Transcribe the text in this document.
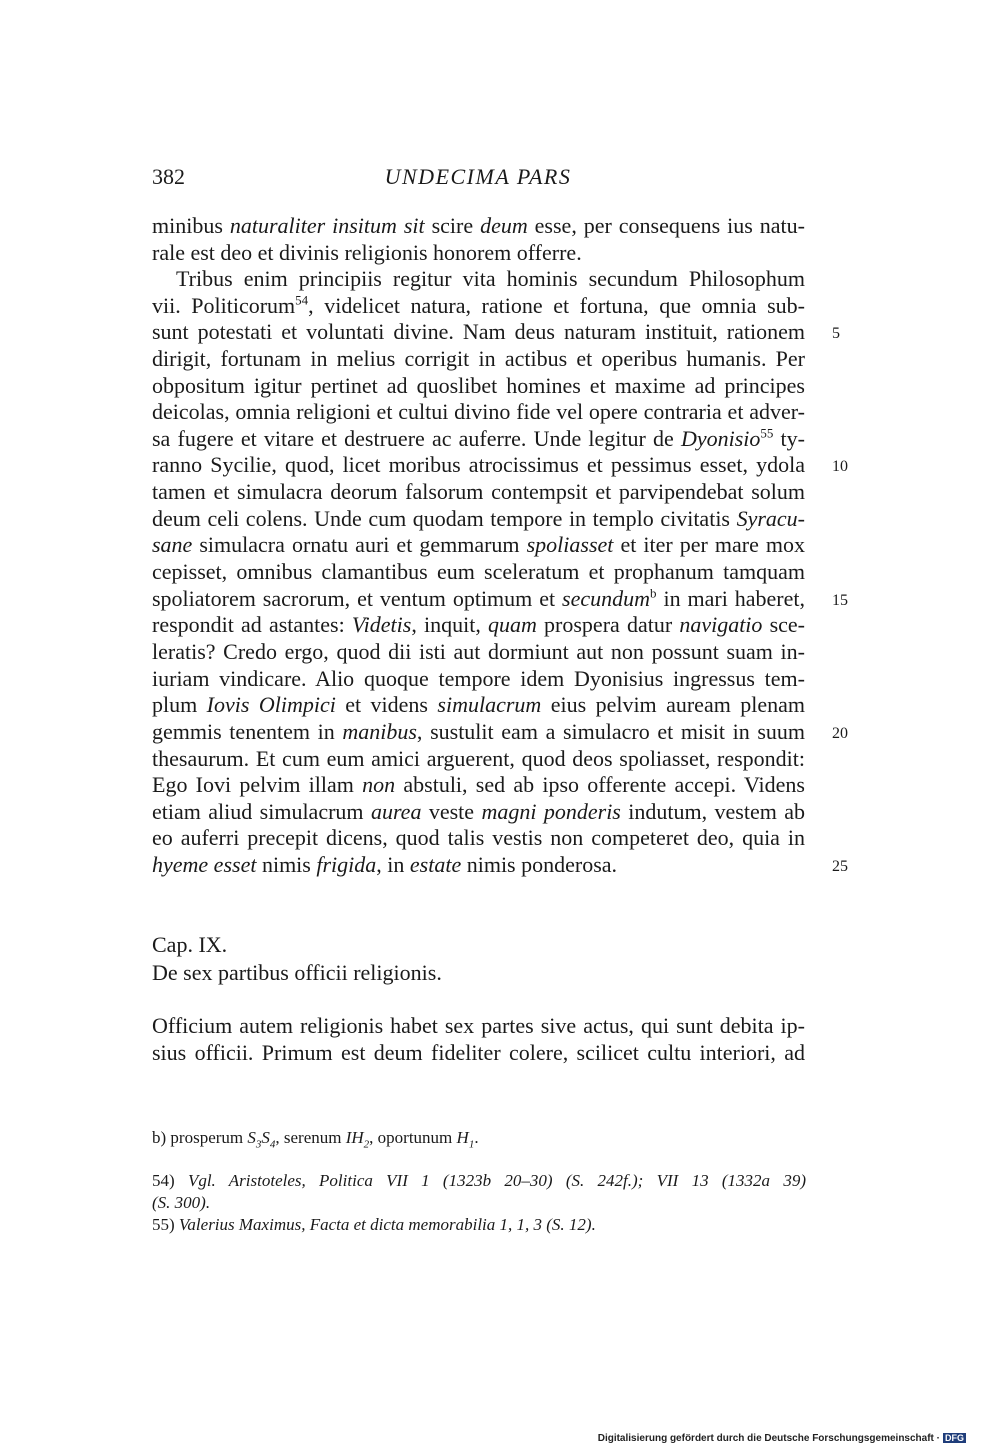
382	UNDECIMA PARS
minibus naturaliter insitum sit scire deum esse, per consequens ius natu-
rale est deo et divinis religionis honorem offerre.
Tribus enim principiis regitur vita hominis secundum Philosophum
vii. Politicorum$^{54}$, videlicet natura, ratione et fortuna, que omnia sub-
sunt potestati et voluntati divine. Nam deus naturam instituit, rationem
dirigit, fortunam in melius corrigit in actibus et operibus humanis. Per
obpositum igitur pertinet ad quoslibet homines et maxime ad principes
deicolas, omnia religioni et cultui divino fide vel opere contraria et adver-
sa fugere et vitare et destruere ac auferre. Unde legitur de Dyonisio$^{55}$ ty-
ranno Sycilie, quod, licet moribus atrocissimus et pessimus esset, ydola
tamen et simulacra deorum falsorum contempsit et parvipendebat solum
deum celi colens. Unde cum quodam tempore in templo civitatis Syracu-
sane simulacra ornatu auri et gemmarum spoliasset et iter per mare mox
cepisset, omnibus clamantibus eum sceleratum et prophanum tamquam
spoliatorem sacrorum, et ventum optimum et secundum$^b$ in mari haberet,
respondit ad astantes: Videtis, inquit, quam prospera datur navigatio sce-
leratis? Credo ergo, quod dii isti aut dormiunt aut non possunt suam in-
iuriam vindicare. Alio quoque tempore idem Dyonisius ingressus tem-
plum Iovis Olimpici et videns simulacrum eius pelvim auream plenam
gemmis tenentem in manibus, sustulit eam a simulacro et misit in suum
thesaurum. Et cum eum amici arguerent, quod deos spoliasset, respondit:
Ego Iovi pelvim illam non abstuli, sed ab ipso offerente accepi. Videns
etiam aliud simulacrum aurea veste magni ponderis indutum, vestem ab
eo auferri precepit dicens, quod talis vestis non competeret deo, quia in
hyeme esset nimis frigida, in estate nimis ponderosa.
5
10
15
20
25
Cap. IX.
De sex partibus officii religionis.
Officium autem religionis habet sex partes sive actus, qui sunt debita ip-
sius officii. Primum est deum fideliter colere, scilicet cultu interiori, ad
b) prosperum $S_3S_4$, serenum $IH_2$, oportunum $H_1$.
54) Vgl. Aristoteles, Politica VII 1 (1323b 20–30) (S. 242f.); VII 13 (1332a 39)
(S. 300).
55) Valerius Maximus, Facta et dicta memorabilia 1, 1, 3 (S. 12).
Digitalisierung gefördert durch die Deutsche Forschungsgemeinschaft · DFG
